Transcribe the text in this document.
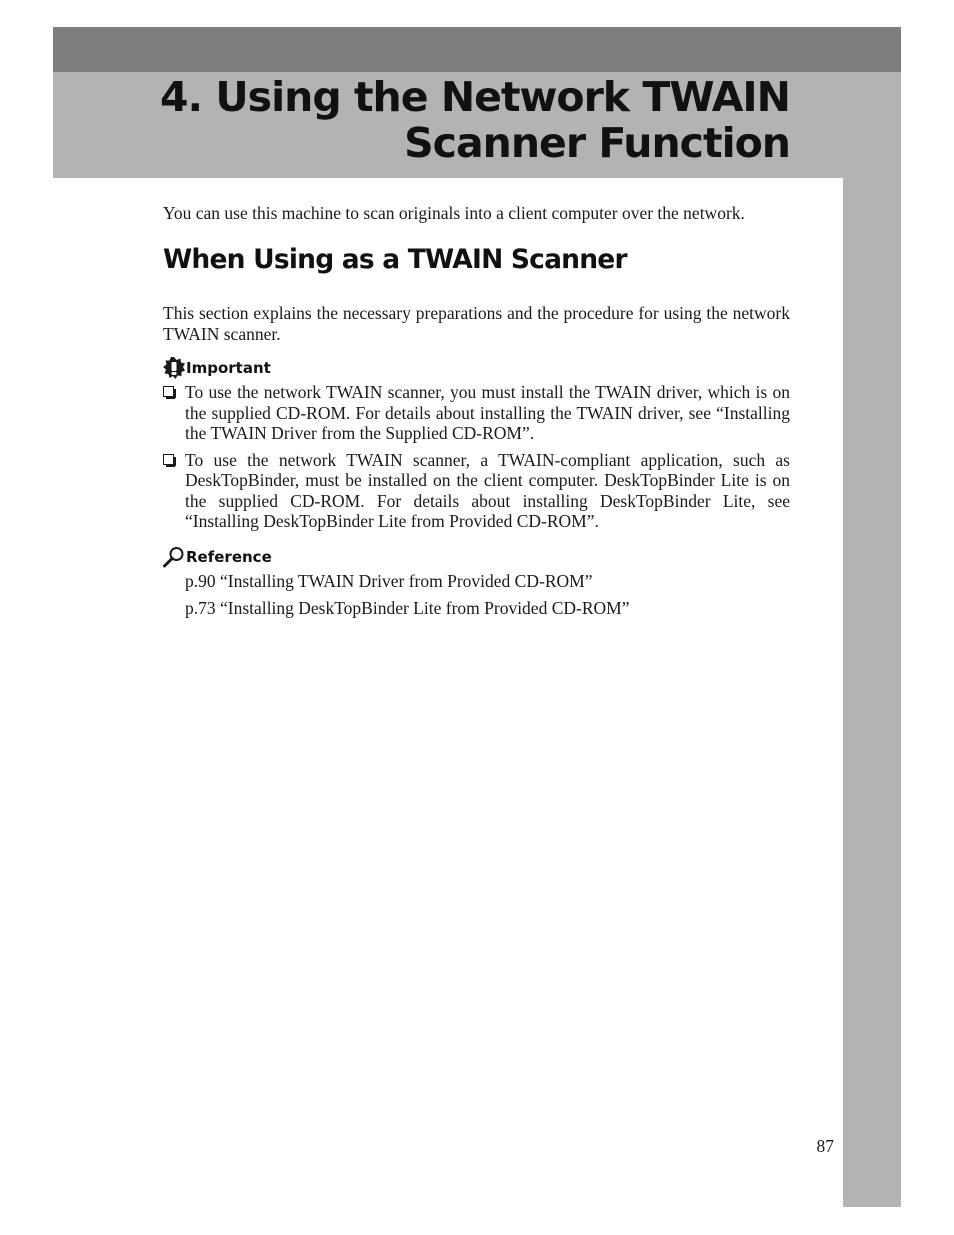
4. Using the Network TWAIN
Scanner Function

You can use this machine to scan originals into a client computer over the network.

When Using as a TWAIN Scanner

This section explains the necessary preparations and the procedure for using the network TWAIN scanner.

Important
To use the network TWAIN scanner, you must install the TWAIN driver, which is on the supplied CD-ROM. For details about installing the TWAIN driver, see “Installing the TWAIN Driver from the Supplied CD-ROM”.
To use the network TWAIN scanner, a TWAIN-compliant application, such as DeskTopBinder, must be installed on the client computer. DeskTopBinder Lite is on the supplied CD-ROM. For details about installing DeskTopBinder Lite, see “Installing DeskTopBinder Lite from Provided CD-ROM”.
Reference
p.90 “Installing TWAIN Driver from Provided CD-ROM”
p.73 “Installing DeskTopBinder Lite from Provided CD-ROM”
87
